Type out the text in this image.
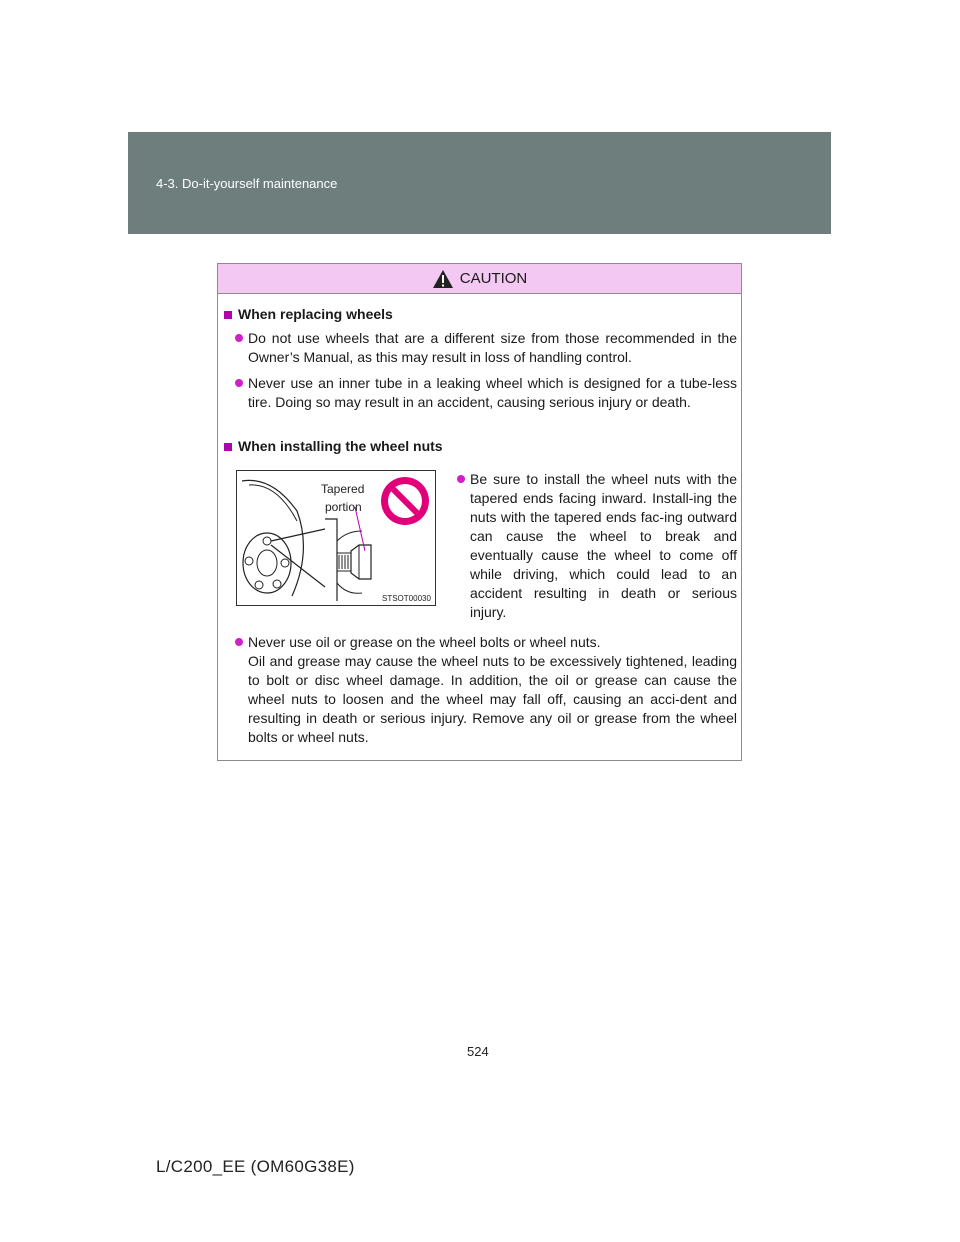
4-3. Do-it-yourself maintenance
CAUTION
When replacing wheels
Do not use wheels that are a different size from those recommended in the Owner’s Manual, as this may result in loss of handling control.
Never use an inner tube in a leaking wheel which is designed for a tube-less tire. Doing so may result in an accident, causing serious injury or death.
When installing the wheel nuts
Be sure to install the wheel nuts with the tapered ends facing inward. Install-ing the nuts with the tapered ends fac-ing outward can cause the wheel to break and eventually cause the wheel to come off while driving, which could lead to an accident resulting in death or serious injury.
Never use oil or grease on the wheel bolts or wheel nuts.
Oil and grease may cause the wheel nuts to be excessively tightened, leading to bolt or disc wheel damage. In addition, the oil or grease can cause the wheel nuts to loosen and the wheel may fall off, causing an acci-dent and resulting in death or serious injury. Remove any oil or grease from the wheel bolts or wheel nuts.
Tapered
portion
STSOT00030
524
L/C200_EE (OM60G38E)
